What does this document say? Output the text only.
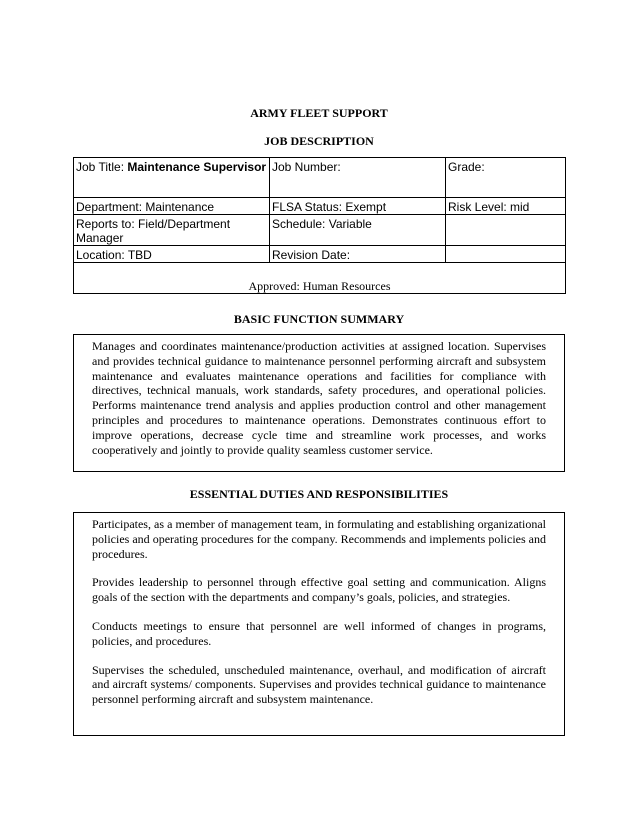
ARMY FLEET SUPPORT
JOB DESCRIPTION
Job Title: Maintenance Supervisor	Job Number:	Grade:
Department: Maintenance	FLSA Status: Exempt	Risk Level: mid
Reports to: Field/Department Manager	Schedule: Variable	
Location: TBD	Revision Date:	
Approved: Human Resources		
BASIC FUNCTION SUMMARY

Manages and coordinates maintenance/production activities at assigned location. Supervises and provides technical guidance to maintenance personnel performing aircraft and subsystem maintenance and evaluates maintenance operations and facilities for compliance with directives, technical manuals, work standards, safety procedures, and operational policies. Performs maintenance trend analysis and applies production control and other management principles and procedures to maintenance operations. Demonstrates continuous effort to improve operations, decrease cycle time and streamline work processes, and works cooperatively and jointly to provide quality seamless customer service.

ESSENTIAL DUTIES AND RESPONSIBILITIES

Participates, as a member of management team, in formulating and establishing organizational policies and operating procedures for the company. Recommends and implements policies and procedures.

Provides leadership to personnel through effective goal setting and communication. Aligns goals of the section with the departments and company’s goals, policies, and strategies.

Conducts meetings to ensure that personnel are well informed of changes in programs, policies, and procedures.

Supervises the scheduled, unscheduled maintenance, overhaul, and modification of aircraft and aircraft systems/ components. Supervises and provides technical guidance to maintenance personnel performing aircraft and subsystem maintenance.
